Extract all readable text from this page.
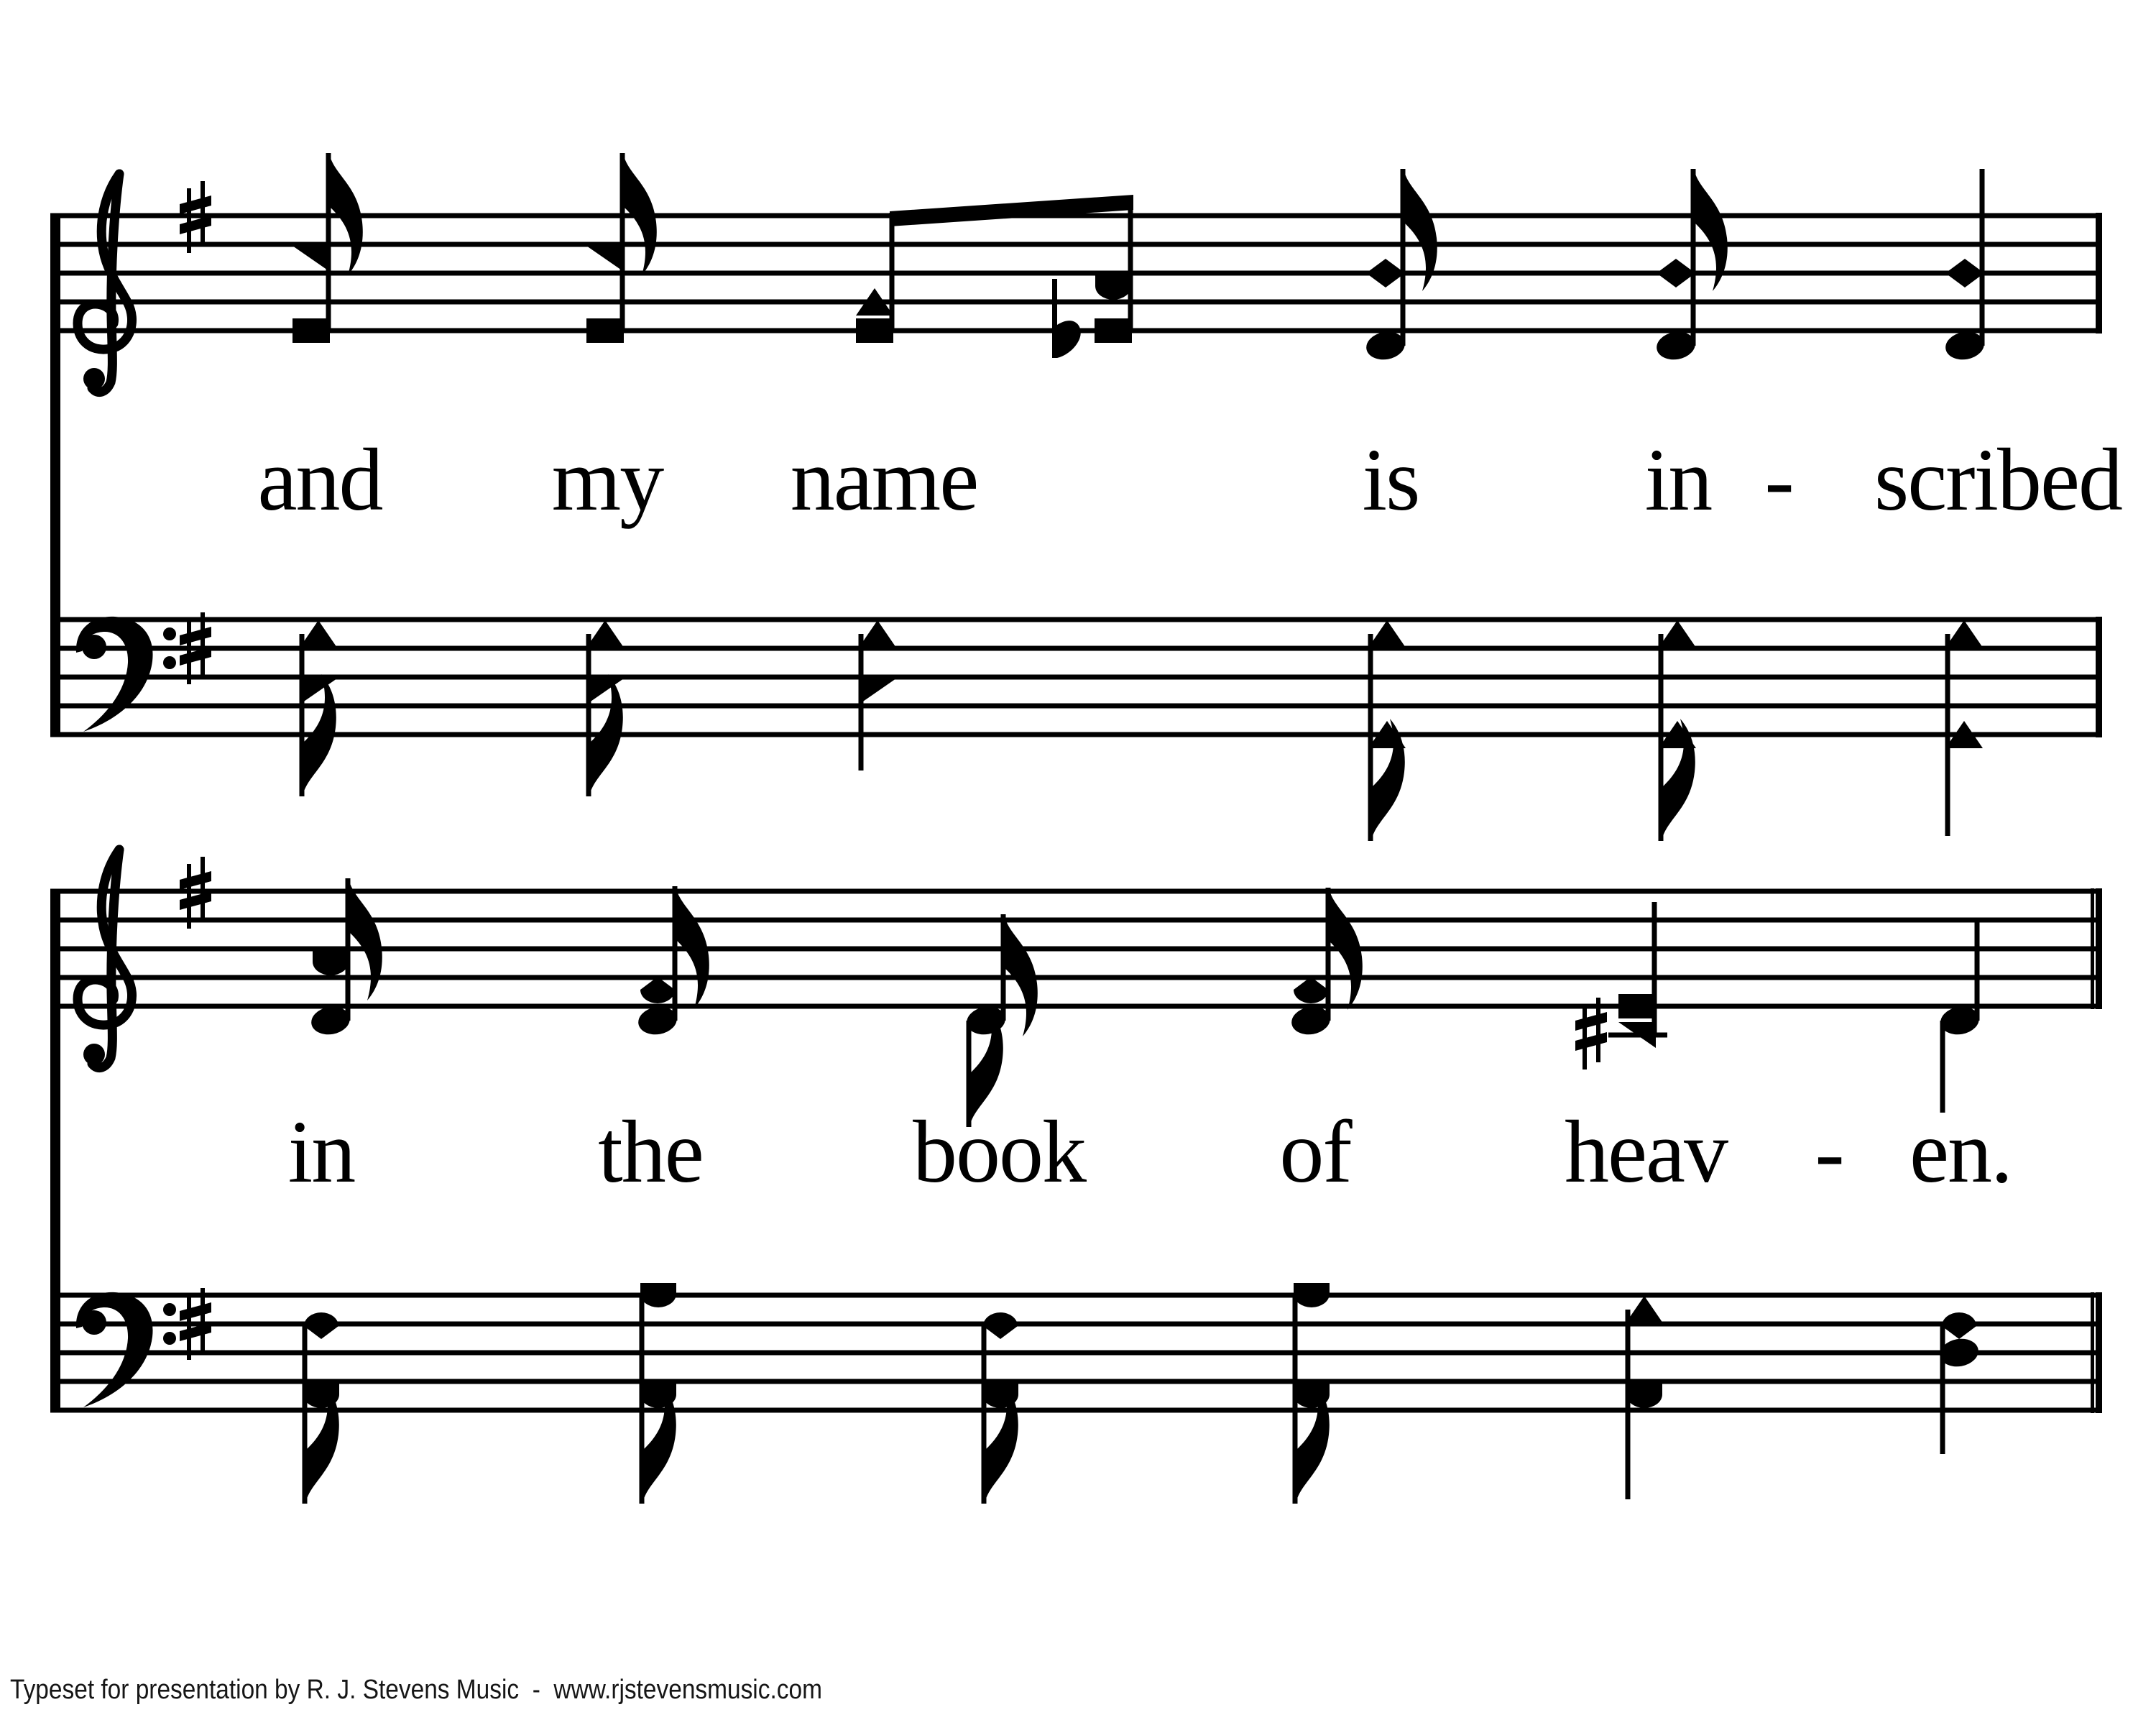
and my name	is	in - scribed
in	the book of heav - en.
Typeset for presentation by R. J. Stevens Music  -  www.rjstevensmusic.com
